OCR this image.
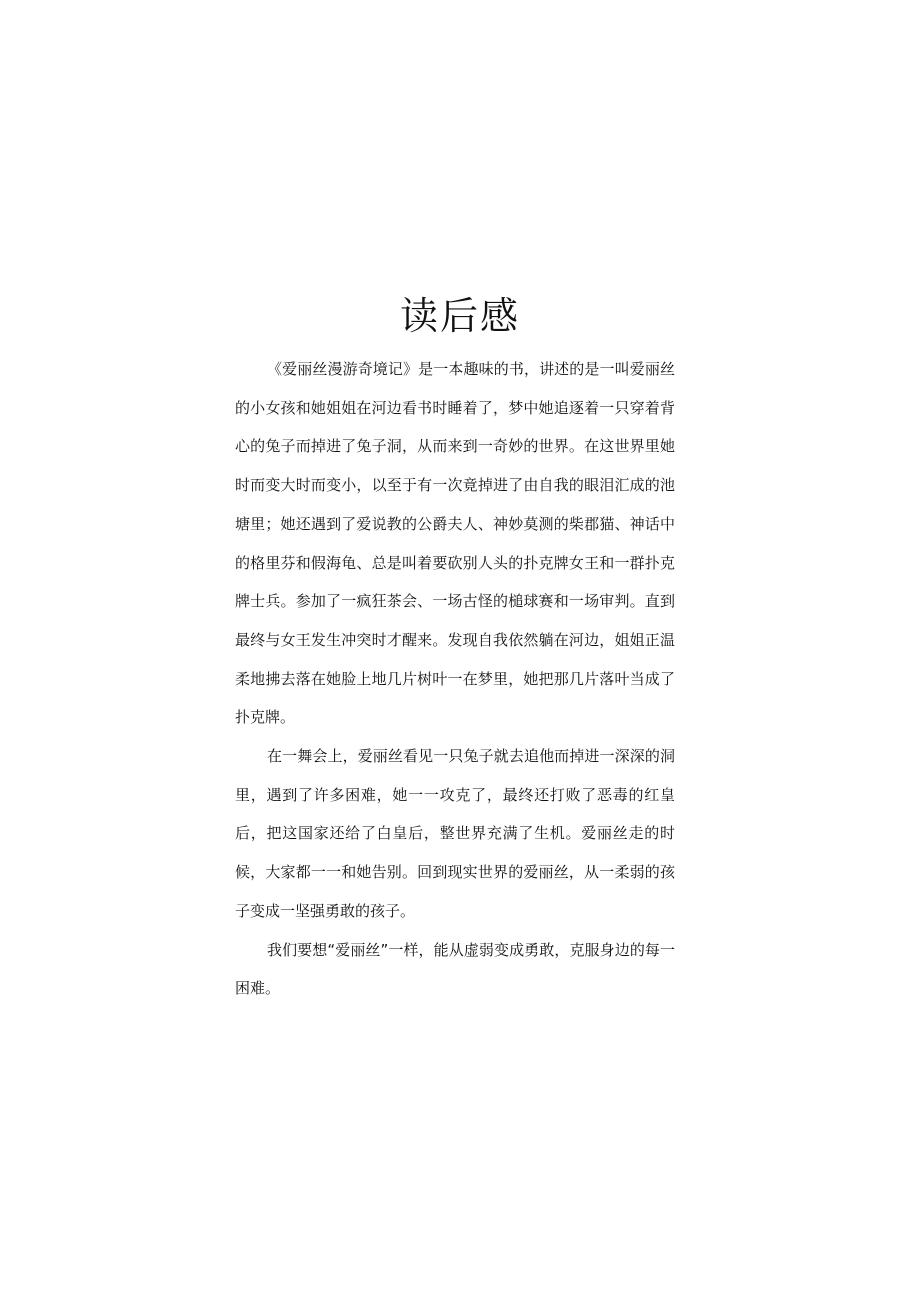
读后感

《爱丽丝漫游奇境记》是一本趣味的书，讲述的是一叫爱丽丝的小女孩和她姐姐在河边看书时睡着了，梦中她追逐着一只穿着背心的兔子而掉进了兔子洞，从而来到一奇妙的世界。在这世界里她时而变大时而变小，以至于有一次竟掉进了由自我的眼泪汇成的池塘里；她还遇到了爱说教的公爵夫人、神妙莫测的柴郡猫、神话中的格里芬和假海龟、总是叫着要砍别人头的扑克牌女王和一群扑克牌士兵。参加了一疯狂茶会、一场古怪的槌球赛和一场审判。直到最终与女王发生冲突时才醒来。发现自我依然躺在河边，姐姐正温柔地拂去落在她脸上地几片树叶一在梦里，她把那几片落叶当成了扑克牌。

在一舞会上，爱丽丝看见一只兔子就去追他而掉进一深深的洞里，遇到了许多困难，她一一攻克了，最终还打败了恶毒的红皇后，把这国家还给了白皇后，整世界充满了生机。爱丽丝走的时候，大家都一一和她告别。回到现实世界的爱丽丝，从一柔弱的孩子变成一坚强勇敢的孩子。

我们要想“爱丽丝”一样，能从虚弱变成勇敢，克服身边的每一困难。
